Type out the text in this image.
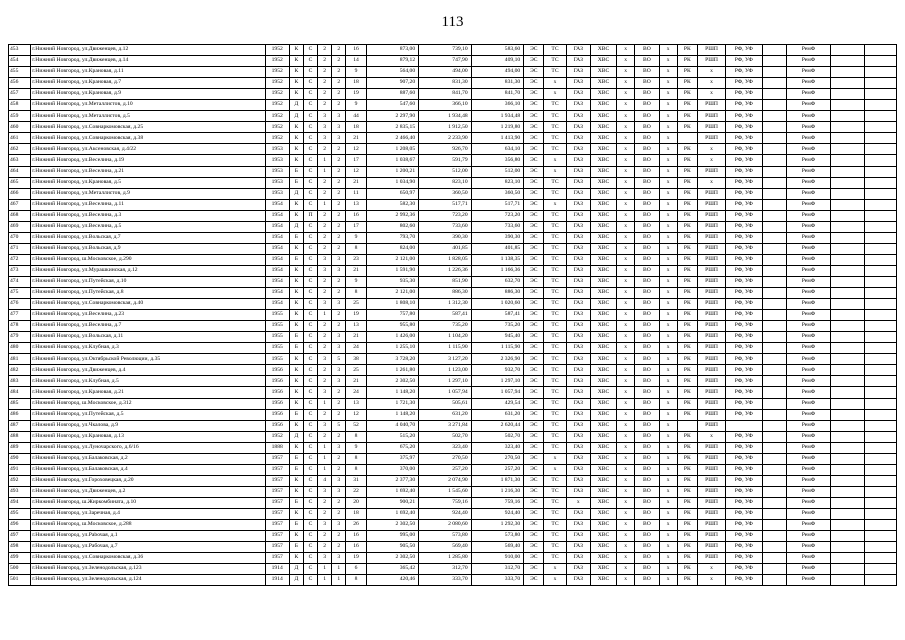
113
453	г.Нижний Новгород, ул.Движенцев, д.12	1952	К	С	2	2	16	873,00	739,10	583,60	ЭС	ТС	ГАЗ	ХВС	х	ВО	х	РК	РШП	РФ, УФ		РемФ		
454	г.Нижний Новгород, ул.Движенцев, д.14	1952	К	С	2	2	14	879,12	747,90	409,10	ЭС	ТС	ГАЗ	ХВС	х	ВО	х	РК	РШП	РФ, УФ		РемФ		
455	г.Нижний Новгород, ул.Крановая, д.11	1952	К	С	2	2	9	564,00	494,00	494,00	ЭС	ТС	ГАЗ	ХВС	х	ВО	х	РК	х	РФ, УФ		РемФ		
456	г.Нижний Новгород, ул.Крановая, д.7	1952	К	С	2	2	18	907,20	831,30	831,30	ЭС	х	ГАЗ	ХВС	х	ВО	х	РК	х	РФ, УФ		РемФ		
457	г.Нижний Новгород, ул.Крановая, д.9	1952	К	С	2	2	19	887,60	841,70	841,70	ЭС	х	ГАЗ	ХВС	х	ВО	х	РК	х	РФ, УФ		РемФ		
458	г.Нижний Новгород, ул.Металлистов, д.10	1952	Д	С	2	2	9	547,60	366,10	366,10	ЭС	ТС	ГАЗ	ХВС	х	ВО	х	РК	РШП	РФ, УФ		РемФ		
459	г.Нижний Новгород, ул.Металлистов, д.5	1952	Д	С	3	3	44	2 297,90	1 934,48	1 934,48	ЭС	ТС	ГАЗ	ХВС	х	ВО	х	РК	РШП	РФ, УФ		РемФ		
460	г.Нижний Новгород, ул.Совнаркомовская, д.25	1952	К	С	3	3	18	2 835,15	1 912,50	1 219,80	ЭС	ТС	ГАЗ	ХВС	х	ВО	х	РК	РШП	РФ, УФ		РемФ		
461	г.Нижний Новгород, ул.Совнаркомовская, д.38	1952	К	С	3	3	21	2 466,40	2 233,90	1 413,90	ЭС	ТС	ГАЗ	ХВС	х	ВО	х		РШП	РФ, УФ		РемФ		
462	г.Нижний Новгород, ул.Аксеновская, д.4/22	1953	К	С	2	2	12	1 208,05	926,70	634,10	ЭС	ТС	ГАЗ	ХВС	х	ВО	х	РК	х	РФ, УФ		РемФ		
463	г.Нижний Новгород, ул.Веселина, д.19	1953	К	С	1	2	17	1 038,67	591,79	356,80	ЭС	х	ГАЗ	ХВС	х	ВО	х	РК	х	РФ, УФ		РемФ		
464	г.Нижний Новгород, ул.Веселина, д.21	1953	Б	С	1	2	12	1 200,21	512,00	512,00	ЭС	х	ГАЗ	ХВС	х	ВО	х	РК	РШП	РФ, УФ		РемФ		
465	г.Нижний Новгород, ул.Крановая, д.5	1953	Б	С	2	2	21	1 034,90	823,10	823,10	ЭС	ТС	ГАЗ	ХВС	х	ВО	х	РК	х	РФ, УФ		РемФ		
466	г.Нижний Новгород, ул.Металлистов, д.9	1953	Д	С	2	2	11	650,97	360,50	360,50	ЭС	ТС	ГАЗ	ХВС	х	ВО	х	РК	РШП	РФ, УФ		РемФ		
467	г.Нижний Новгород, ул.Веселина, д.11	1954	К	С	1	2	13	582,30	517,71	517,71	ЭС	х	ГАЗ	ХВС	х	ВО	х	РК	РШП	РФ, УФ		РемФ		
468	г.Нижний Новгород, ул.Веселина, д.3	1954	К	П	2	2	16	2 992,36	723,20	723,20	ЭС	ТС	ГАЗ	ХВС	х	ВО	х	РК	РШП	РФ, УФ		РемФ		
469	г.Нижний Новгород, ул.Веселина, д.5	1954	Д	С	2	2	17	802,60	733,60	733,60	ЭС	ТС	ГАЗ	ХВС	х	ВО	х	РК	РШП	РФ, УФ		РемФ		
470	г.Нижний Новгород, ул.Вольская, д.7	1954	Б	С	2	2	9	793,70	390,30	390,30	ЭС	ТС	ГАЗ	ХВС	х	ВО	х	РК	РШП	РФ, УФ		РемФ		
471	г.Нижний Новгород, ул.Вольская, д.9	1954	К	С	2	2	8	824,00	401,85	401,85	ЭС	ТС	ГАЗ	ХВС	х	ВО	х	РК	РШП	РФ, УФ		РемФ		
472	г.Нижний Новгород, ш.Московское, д.290	1954	Б	С	3	3	23	2 121,00	1 828,05	1 138,35	ЭС	ТС	ГАЗ	ХВС	х	ВО	х	РК	РШП	РФ, УФ		РемФ		
473	г.Нижний Новгород, ул.Мурашкинская, д.12	1954	К	С	3	3	21	1 591,90	1 226,36	1 166,36	ЭС	ТС	ГАЗ	ХВС	х	ВО	х	РК	РШП	РФ, УФ		РемФ		
474	г.Нижний Новгород, ул.Путейская, д.10	1954	К	С	2	2	9	935,30	851,90	632,70	ЭС	ТС	ГАЗ	ХВС	х	ВО	х	РК	РШП	РФ, УФ		РемФ		
475	г.Нижний Новгород, ул.Путейская, д.8	1954	К	С	2	2	8	2 121,00	886,30	886,30	ЭС	ТС	ГАЗ	ХВС	х	ВО	х	РК	РШП	РФ, УФ		РемФ		
476	г.Нижний Новгород, ул.Совнаркомовская, д.40	1954	К	С	3	3	25	1 808,10	1 312,30	1 020,60	ЭС	ТС	ГАЗ	ХВС	х	ВО	х	РК	РШП	РФ, УФ		РемФ		
477	г.Нижний Новгород, ул.Веселина, д.23	1955	К	С	1	2	19	757,80	587,41	587,41	ЭС	ТС	ГАЗ	ХВС	х	ВО	х	РК	РШП	РФ, УФ		РемФ		
478	г.Нижний Новгород, ул.Веселина, д.7	1955	К	С	2	2	13	955,80	735,20	735,20	ЭС	ТС	ГАЗ	ХВС	х	ВО	х	РК	РШП	РФ, УФ		РемФ		
479	г.Нижний Новгород, ул.Вольская, д.11	1955	Б	С	2	3	21	1 426,00	1 104,20	945,40	ЭС	ТС	ГАЗ	ХВС	х	ВО	х	РК	РШП	РФ, УФ		РемФ		
480	г.Нижний Новгород, ул.Клубная, д.3	1955	Б	С	2	3	24	1 255,10	1 115,90	1 115,90	ЭС	ТС	ГАЗ	ХВС	х	ВО	х	РК	РШП	РФ, УФ		РемФ		
481	г.Нижний Новгород, ул.Октябрьской Революции, д.35	1955	К	С	3	5	38	3 728,20	3 127,20	2 326,90	ЭС	ТС	ГАЗ	ХВС	х	ВО	х	РК	РШП	РФ, УФ		РемФ		
482	г.Нижний Новгород, ул.Движенцев, д.4	1956	К	С	2	3	25	1 261,80	1 123,00	932,70	ЭС	ТС	ГАЗ	ХВС	х	ВО	х	РК	РШП	РФ, УФ		РемФ		
483	г.Нижний Новгород, ул.Клубная, д.5	1956	К	С	2	3	21	2 302,50	1 297,10	1 297,10	ЭС	ТС	ГАЗ	ХВС	х	ВО	х	РК	РШП	РФ, УФ		РемФ		
484	г.Нижний Новгород, ул.Крановая, д.21	1956	К	С	3	2	24	1 148,20	1 057,94	1 057,94	ЭС	ТС	ГАЗ	ХВС	х	ВО	х	РК	РШП	РФ, УФ		РемФ		
485	г.Нижний Новгород, ш.Московское, д.312	1956	К	С	1	2	13	1 721,30	505,61	429,54	ЭС	ТС	ГАЗ	ХВС	х	ВО	х	РК	РШП	РФ, УФ		РемФ		
486	г.Нижний Новгород, ул.Путейская, д.5	1956	Б	С	2	2	12	1 148,20	631,20	631,20	ЭС	ТС	ГАЗ	ХВС	х	ВО	х	РК	РШП	РФ, УФ		РемФ		
487	г.Нижний Новгород, ул.Чкалова, д.9	1956	К	С	3	5	52	4 040,70	3 271,84	2 620,44	ЭС	ТС	ГАЗ	ХВС	х	ВО	х		РШП			РемФ		
488	г.Нижний Новгород, ул.Крановая, д.13	1952	Д	С	2	2	8	515,20	502,70	502,70	ЭС	ТС	ГАЗ	ХВС	х	ВО	х	РК	х	РФ, УФ		РемФ		
489	г.Нижний Новгород, ул.Луночарского, д.6/16	1888	К	С	1	3	9	675,20	323,40	323,40	ЭС	ТС	ГАЗ	ХВС	х	ВО	х	РК	РШП	РФ, УФ		РемФ		
490	г.Нижний Новгород, ул.Балаковская, д.2	1957	Б	С	1	2	8	375,97	270,50	270,50	ЭС	х	ГАЗ	ХВС	х	ВО	х	РК	РШП	РФ, УФ		РемФ		
491	г.Нижний Новгород, ул.Балаковская, д.4	1957	Б	С	1	2	8	370,00	257,20	257,20	ЭС	х	ГАЗ	ХВС	х	ВО	х	РК	РШП	РФ, УФ		РемФ		
492	г.Нижний Новгород, ул.Гороховецкая, д.20	1957	К	С	4	3	31	2 377,30	2 074,90	1 871,30	ЭС	ТС	ГАЗ	ХВС	х	ВО	х	РК	РШП	РФ, УФ		РемФ		
493	г.Нижний Новгород, ул.Движенцев, д.2	1957	К	С	3	3	22	1 692,40	1 545,60	1 216,30	ЭС	ТС	ГАЗ	ХВС	х	ВО	х	РК	РШП	РФ, УФ		РемФ		
494	г.Нижний Новгород, ш.Жиркомбината, д.10	1957	Б	С	2	2	20	900,21	759,16	759,16	ЭС	ТС	х	ХВС	х	ВО	х	РК	РШП	РФ, УФ		РемФ		
495	г.Нижний Новгород, ул.Заречная, д.4	1957	К	С	2	2	18	1 692,40	924,40	924,40	ЭС	ТС	ГАЗ	ХВС	х	ВО	х	РК	РШП	РФ, УФ		РемФ		
496	г.Нижний Новгород, ш.Московское, д.288	1957	Б	С	3	3	26	2 302,50	2 080,60	1 292,30	ЭС	ТС	ГАЗ	ХВС	х	ВО	х	РК	РШП	РФ, УФ		РемФ		
497	г.Нижний Новгород, ул.Рabочая, д.1	1957	К	С	2	2	16	995,00	573,80	573,80	ЭС	ТС	ГАЗ	ХВС	х	ВО	х	РК	РШП	РФ, УФ		РемФ		
498	г.Нижний Новгород, ул.Рабочая, д.7	1957	Б	С	2	2	16	905,50	569,40	569,40	ЭС	ТС	ГАЗ	ХВС	х	ВО	х	РК	РШП	РФ, УФ		РемФ		
499	г.Нижний Новгород, ул.Совнаркомовская, д.36	1957	К	С	3	3	19	2 302,50	1 285,80	910,00	ЭС	ТС	ГАЗ	ХВС	х	ВО	х	РК	РШП	РФ, УФ		РемФ		
500	г.Нижний Новгород, ул.Зеленодольская, д.123	1914	Д	С	1	1	6	365,42	312,70	312,70	ЭС	х	ГАЗ	ХВС	х	ВО	х	РК	х	РФ, УФ		РемФ		
501	г.Нижний Новгород, ул.Зеленодольская, д.124	1914	Д	С	1	1	8	420,46	333,70	333,70	ЭС	х	ГАЗ	ХВС	х	ВО	х	РК	х	РФ, УФ		РемФ		
